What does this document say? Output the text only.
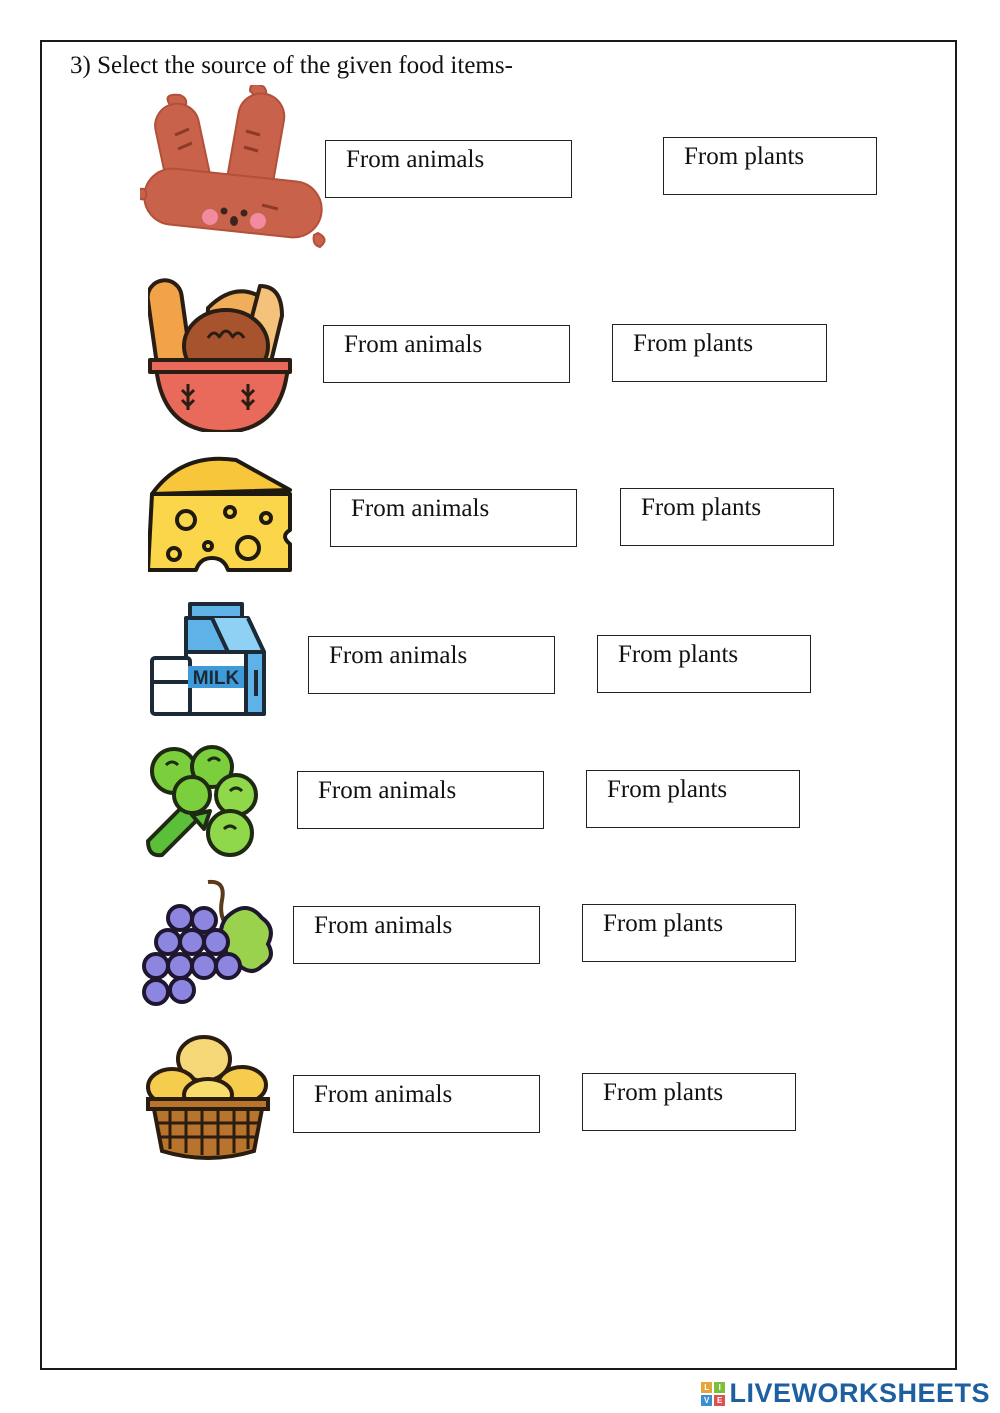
3) Select the source of the given food items-
From animals	From plants
From animals	From plants
From animals	From plants
MILK
From animals	From plants
From animals	From plants
From animals	From plants
From animals	From plants
L	I
V E LIVEWORKSHEETS
